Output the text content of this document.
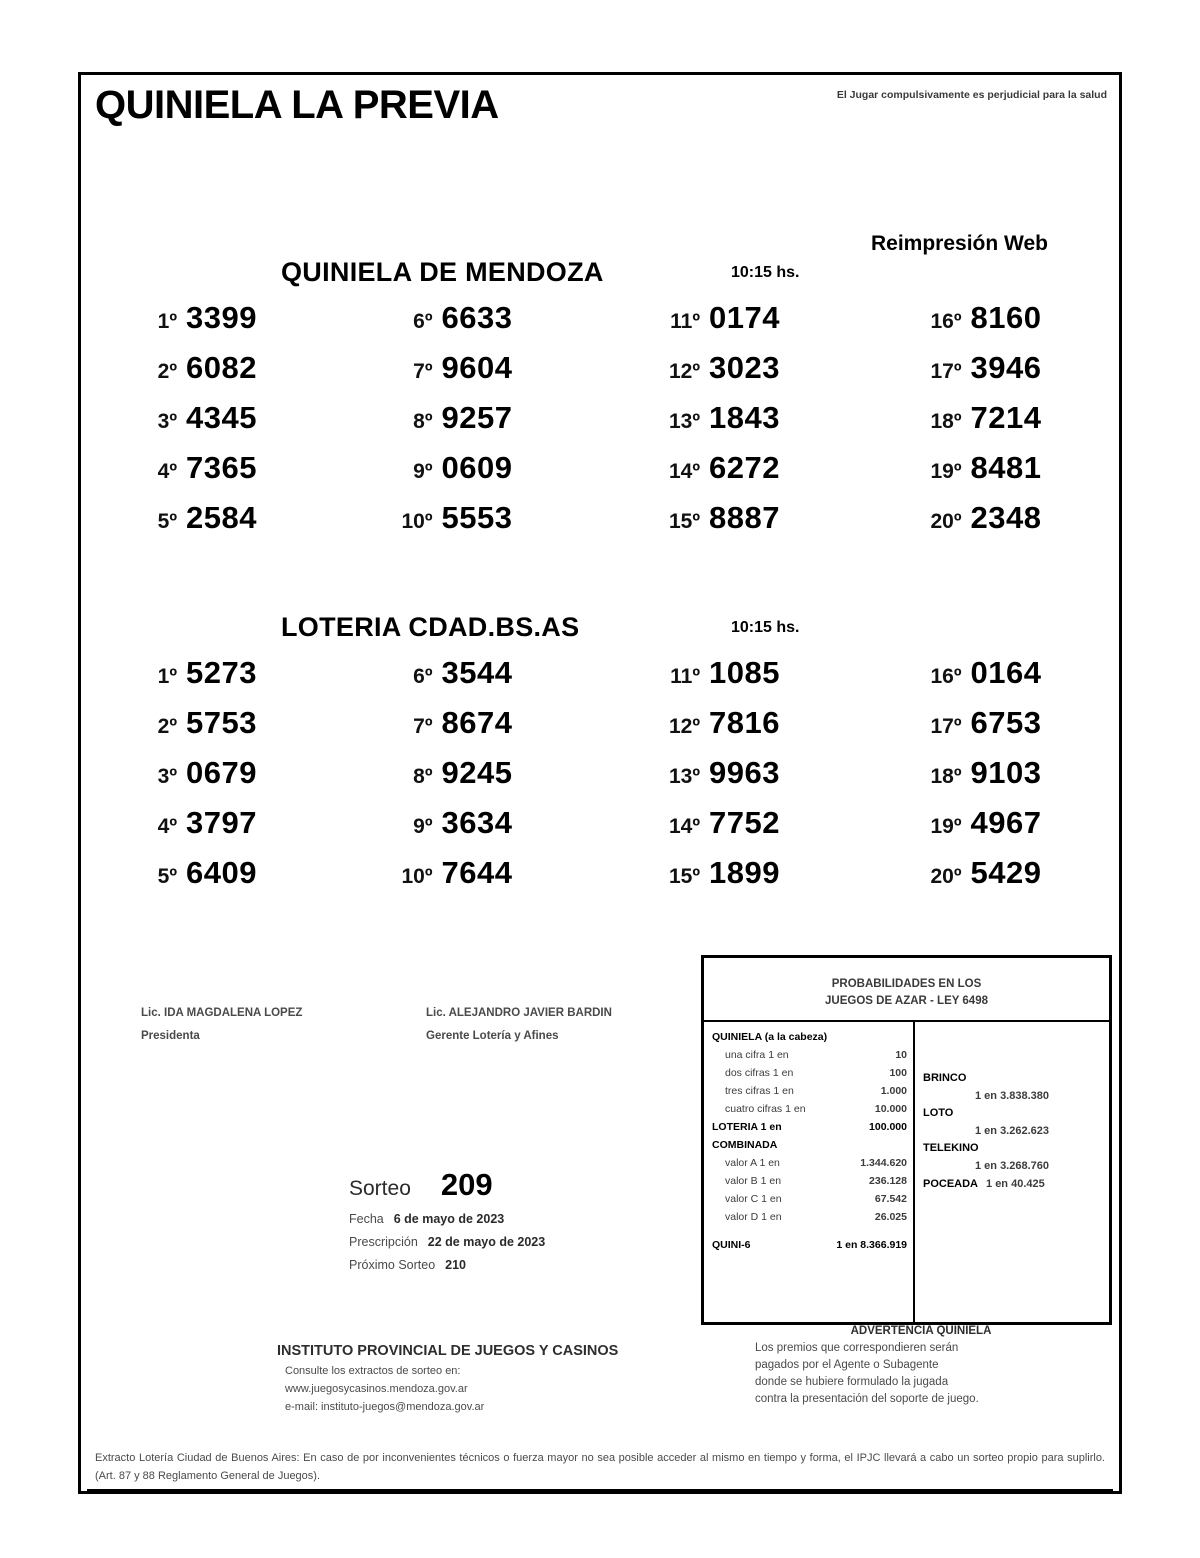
QUINIELA LA PREVIA	El Jugar compulsivamente es perjudicial para la salud
QUINIELA DE MENDOZA	10:15 hs.
Reimpresión Web
1º 3399	6º 6633	11º 0174	16º 8160
2º 6082	7º 9604	12º 3023	17º 3946
3º 4345	8º 9257	13º 1843	18º 7214
4º 7365	9º 0609	14º 6272	19º 8481
5º 2584	10º 5553	15º 8887	20º 2348
LOTERIA CDAD.BS.AS	10:15 hs.
1º 5273	6º 3544	11º 1085	16º 0164
2º 5753	7º 8674	12º 7816	17º 6753
3º 0679	8º 9245	13º 9963	18º 9103
4º 3797	9º 3634	14º 7752	19º 4967
5º 6409	10º 7644	15º 1899	20º 5429
Lic. IDA MAGDALENA LOPEZ
Presidenta
Lic. ALEJANDRO JAVIER BARDIN
Gerente Lotería y Afines
Sorteo 209
Fecha 6 de mayo de 2023
Prescripción 22 de mayo de 2023
Próximo Sorteo 210
PROBABILIDADES EN LOS
JUEGOS DE AZAR - LEY 6498
QUINIELA (a la cabeza)
una cifra 1 en	10
dos cifras 1 en	100
tres cifras 1 en	1.000
cuatro cifras 1 en	10.000
LOTERIA 1 en	100.000
COMBINADA
valor A 1 en	1.344.620
valor B 1 en	236.128
valor C 1 en	67.542
valor D 1 en	26.025
QUINI-6	1 en 8.366.919
BRINCO
1 en 3.838.380
LOTO
1 en 3.262.623
TELEKINO
1 en 3.268.760
POCEADA 1 en 40.425
INSTITUTO PROVINCIAL DE JUEGOS Y CASINOS
Consulte los extractos de sorteo en:
www.juegosycasinos.mendoza.gov.ar
e-mail: instituto-juegos@mendoza.gov.ar
ADVERTENCIA QUINIELA
Los premios que correspondieren serán
pagados por el Agente o Subagente
donde se hubiere formulado la jugada
contra la presentación del soporte de juego.
Extracto Lotería Ciudad de Buenos Aires: En caso de por inconvenientes técnicos o fuerza mayor no sea posible acceder al mismo en tiempo y forma, el IPJC llevará a cabo un sorteo propio para suplirlo. (Art. 87 y 88 Reglamento General de Juegos).
